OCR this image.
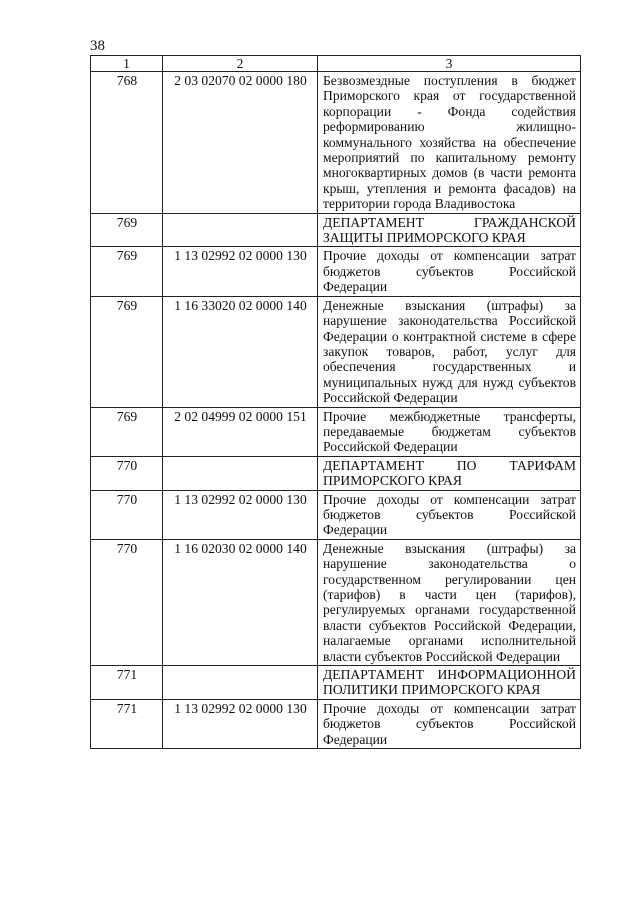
38
1	2	3
768	2 03 02070 02 0000 180	Безвозмездные поступления в бюджет Приморского края от государственной корпорации - Фонда содействия реформированию жилищно-коммунального хозяйства на обеспечение мероприятий по капитальному ремонту многоквартирных домов (в части ремонта крыш, утепления и ремонта фасадов) на территории города Владивостока
769		ДЕПАРТАМЕНТ ГРАЖДАНСКОЙ ЗАЩИТЫ ПРИМОРСКОГО КРАЯ
769	1 13 02992 02 0000 130	Прочие доходы от компенсации затрат бюджетов субъектов Российской Федерации
769	1 16 33020 02 0000 140	Денежные взыскания (штрафы) за нарушение законодательства Российской Федерации о контрактной системе в сфере закупок товаров, работ, услуг для обеспечения государственных и муниципальных нужд для нужд субъектов Российской Федерации
769	2 02 04999 02 0000 151	Прочие межбюджетные трансферты, передаваемые бюджетам субъектов Российской Федерации
770		ДЕПАРТАМЕНТ ПО ТАРИФАМ ПРИМОРСКОГО КРАЯ
770	1 13 02992 02 0000 130	Прочие доходы от компенсации затрат бюджетов субъектов Российской Федерации
770	1 16 02030 02 0000 140	Денежные взыскания (штрафы) за нарушение законодательства о государственном регулировании цен (тарифов) в части цен (тарифов), регулируемых органами государственной власти субъектов Российской Федерации, налагаемые органами исполнительной власти субъектов Российской Федерации
771		ДЕПАРТАМЕНТ ИНФОРМАЦИОННОЙ ПОЛИТИКИ ПРИМОРСКОГО КРАЯ
771	1 13 02992 02 0000 130	Прочие доходы от компенсации затрат бюджетов субъектов Российской Федерации
